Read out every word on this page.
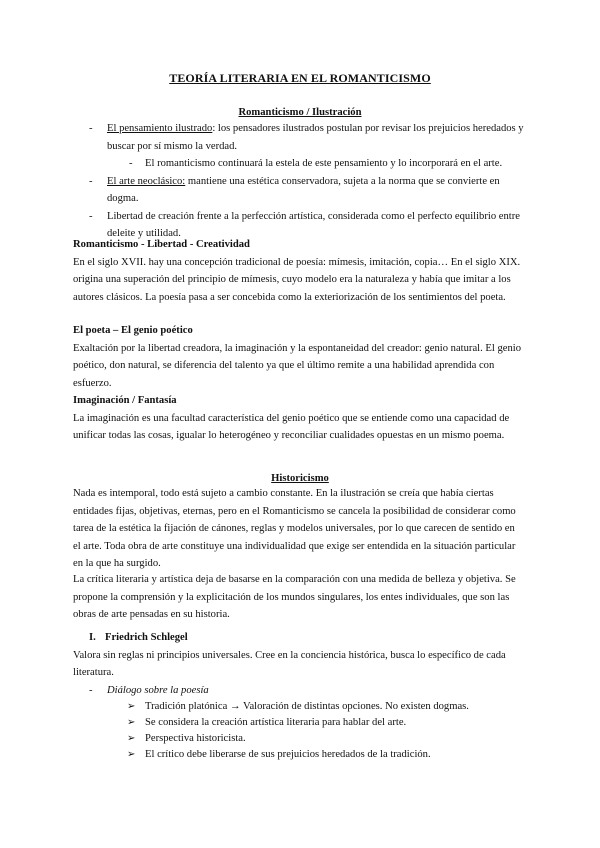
TEORÍA LITERARIA EN EL ROMANTICISMO
Romanticismo / Ilustración
- El pensamiento ilustrado: los pensadores ilustrados postulan por revisar los prejuicios heredados y buscar por sí mismo la verdad.
- El romanticismo continuará la estela de este pensamiento y lo incorporará en el arte.
- El arte neoclásico: mantiene una estética conservadora, sujeta a la norma que se convierte en dogma.
- Libertad de creación frente a la perfección artística, considerada como el perfecto equilibrio entre deleite y utilidad.

Romanticismo - Libertad - Creatividad

En el siglo XVII. hay una concepción tradicional de poesía: mímesis, imitación, copia… En el siglo XIX. origina una superación del principio de mímesis, cuyo modelo era la naturaleza y había que imitar a los autores clásicos. La poesía pasa a ser concebida como la exteriorización de los sentimientos del poeta.

El poeta – El genio poético

Exaltación por la libertad creadora, la imaginación y la espontaneidad del creador: genio natural. El genio poético, don natural, se diferencia del talento ya que el último remite a una habilidad aprendida con esfuerzo.

Imaginación / Fantasía

La imaginación es una facultad característica del genio poético que se entiende como una capacidad de unificar todas las cosas, igualar lo heterogéneo y reconciliar cualidades opuestas en un mismo poema.

Historicismo

Nada es intemporal, todo está sujeto a cambio constante. En la ilustración se creía que había ciertas entidades fijas, objetivas, eternas, pero en el Romanticismo se cancela la posibilidad de considerar como tarea de la estética la fijación de cánones, reglas y modelos universales, por lo que carecen de sentido en el arte. Toda obra de arte constituye una individualidad que exige ser entendida en la situación particular en la que ha surgido.

La crítica literaria y artística deja de basarse en la comparación con una medida de belleza y objetiva. Se propone la comprensión y la explicitación de los mundos singulares, los entes individuales, que son las obras de arte pensadas en su historia.

I. Friedrich Schlegel

Valora sin reglas ni principios universales. Cree en la conciencia histórica, busca lo específico de cada literatura.

- Diálogo sobre la poesía
➢ Tradición platónica → Valoración de distintas opciones. No existen dogmas.
➢ Se considera la creación artística literaria para hablar del arte.
➢ Perspectiva historicista.
➢ El crítico debe liberarse de sus prejuicios heredados de la tradición.
